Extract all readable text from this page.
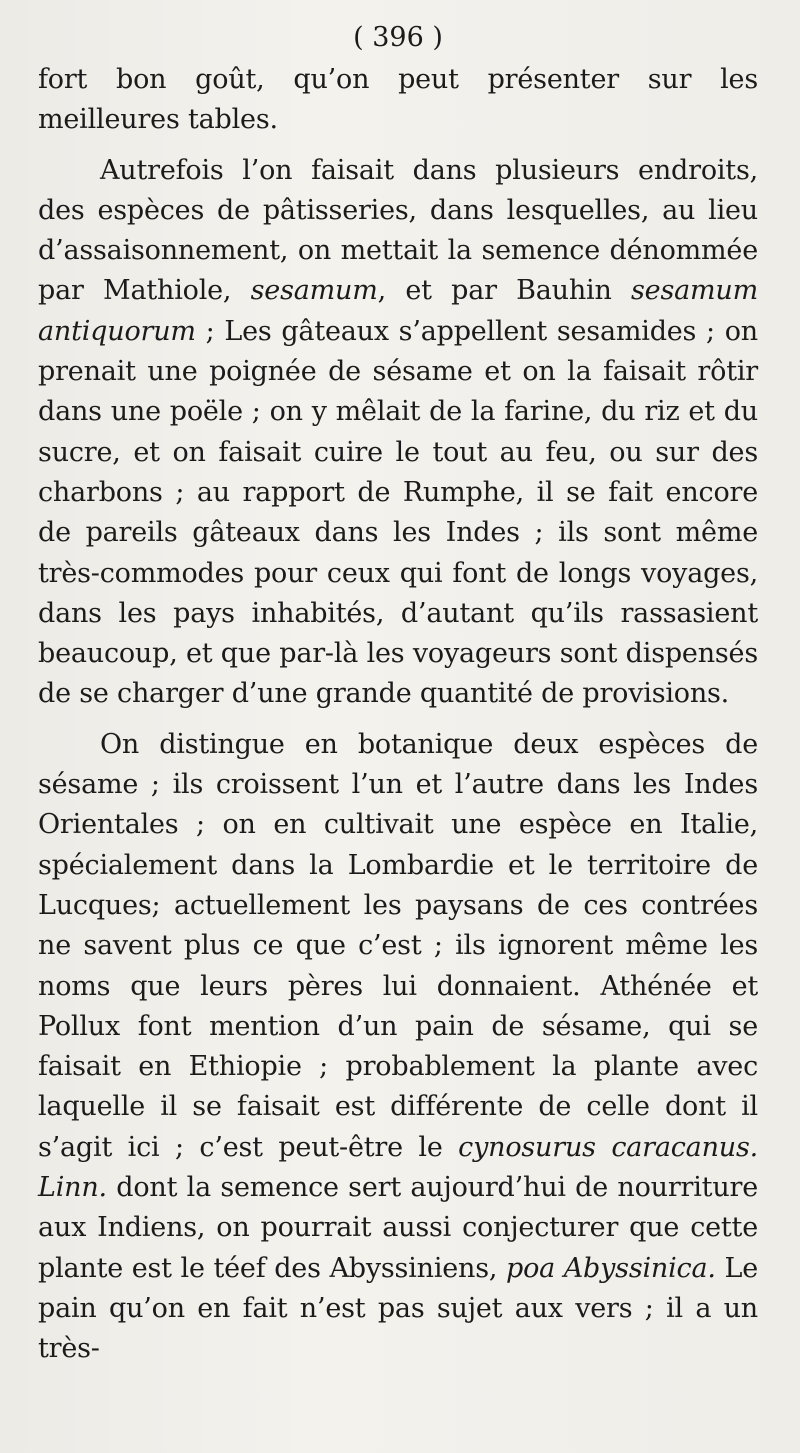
( 396 )

fort bon goût, qu’on peut présenter sur les meilleures tables.

Autrefois l’on faisait dans plusieurs endroits, des espèces de pâtisseries, dans lesquelles, au lieu d’assaisonnement, on mettait la semence dénommée par Mathiole, sesamum, et par Bauhin sesamum antiquorum ; Les gâteaux s’appellent sesamides ; on prenait une poignée de sésame et on la faisait rôtir dans une poële ; on y mêlait de la farine, du riz et du sucre, et on faisait cuire le tout au feu, ou sur des charbons ; au rapport de Rumphe, il se fait encore de pareils gâteaux dans les Indes ; ils sont même très-commodes pour ceux qui font de longs voyages, dans les pays inhabités, d’autant qu’ils rassasient beaucoup, et que par-là les voyageurs sont dispensés de se charger d’une grande quantité de provisions.

On distingue en botanique deux espèces de sésame ; ils croissent l’un et l’autre dans les Indes Orientales ; on en cultivait une espèce en Italie, spécialement dans la Lombardie et le territoire de Lucques; actuellement les paysans de ces contrées ne savent plus ce que c’est ; ils ignorent même les noms que leurs pères lui donnaient. Athénée et Pollux font mention d’un pain de sésame, qui se faisait en Ethiopie ; probablement la plante avec laquelle il se faisait est différente de celle dont il s’agit ici ; c’est peut-être le cynosurus caracanus. Linn. dont la semence sert aujourd’hui de nourriture aux Indiens, on pourrait aussi conjecturer que cette plante est le téef des Abyssiniens, poa Abyssinica. Le pain qu’on en fait n’est pas sujet aux vers ; il a un très-
